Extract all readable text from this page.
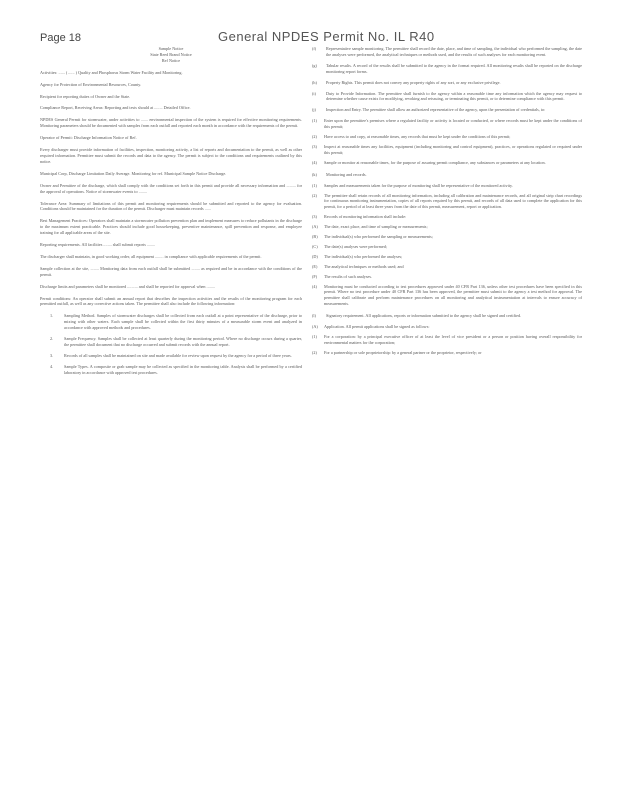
Page 18	General NPDES Permit No. IL R40

Sample Notice

State Reed Brand Notice

Ref Notice

Activities: ...... ( ...... ) Quality and Phosphorus Storm Water Facility and Monitoring.

Agency for Protection of Environmental Resources, County.

Recipient for reporting duties of Owner and the State.

Compliance Report, Receiving Areas: Reporting and tests should at ........ Detailed Office.

NPDES General Permit for stormwater, under activities to ....... environmental inspection of the system is required for effective monitoring requirements. Monitoring parameters should be documented with samples from each outfall and reported each month in accordance with the requirements of the permit.

Operator of Permit: Discharge Information Notice of Ref.

Every discharger must provide information of facilities, inspection, monitoring activity, a list of reports and documentation to the permit, as well as other required information. Permittee must submit the records and data to the agency. The permit is subject to the conditions and requirements outlined by this notice.

Municipal Corp, Discharge Limitation Daily Average. Monitoring for ref. Municipal Sample Notice Discharge.

Owner and Permittee of the discharge, which shall comply with the conditions set forth in this permit and provide all necessary information and ......... for the approval of operations. Notice of stormwater events to ........

Tolerance Area: Summary of limitations of this permit and monitoring requirements should be submitted and reported to the agency for evaluation. Conditions should be maintained for the duration of the permit. Discharger must maintain records ......

Best Management Practices: Operators shall maintain a stormwater pollution prevention plan and implement measures to reduce pollutants in the discharge to the maximum extent practicable. Practices should include good housekeeping, preventive maintenance, spill prevention and response, and employee training for all applicable areas of the site.

Reporting requirements. All facilities ........ shall submit reports ........

The discharger shall maintain, in good working order, all equipment ........ in compliance with applicable requirements of the permit.

Sample collection at the site, ........ Monitoring data from each outfall shall be submitted ........ as required and be in accordance with the conditions of the permit.

Discharge limits and parameters shall be monitored .......... and shall be reported for approval when ........

Permit conditions: An operator shall submit an annual report that describes the inspection activities and the results of the monitoring program for each permitted outfall, as well as any corrective actions taken. The permittee shall also include the following information:

1.	Sampling Method. Samples of stormwater discharges shall be collected from each outfall at a point representative of the discharge, prior to mixing with other waters. Each sample shall be collected within the first thirty minutes of a measurable storm event and analyzed in accordance with approved methods and procedures.
2.	Sample Frequency. Samples shall be collected at least quarterly during the monitoring period. Where no discharge occurs during a quarter, the permittee shall document that no discharge occurred and submit records with the annual report.
3.	Records of all samples shall be maintained on site and made available for review upon request by the agency for a period of three years.
4.	Sample Types. A composite or grab sample may be collected as specified in the monitoring table. Analysis shall be performed by a certified laboratory in accordance with approved test procedures.
(f)	Representative sample monitoring. The permittee shall record the date, place, and time of sampling, the individual who performed the sampling, the date the analyses were performed, the analytical techniques or methods used, and the results of such analyses for each monitoring event.
(g)	Tabular results. A record of the results shall be submitted to the agency in the format required. All monitoring results shall be reported on the discharge monitoring report forms.
(h)	Property Rights. This permit does not convey any property rights of any sort, or any exclusive privilege.
(i)	Duty to Provide Information. The permittee shall furnish to the agency within a reasonable time any information which the agency may request to determine whether cause exists for modifying, revoking and reissuing, or terminating this permit, or to determine compliance with this permit.
(j)	Inspection and Entry. The permittee shall allow an authorized representative of the agency, upon the presentation of credentials, to:
(1)	Enter upon the permittee's premises where a regulated facility or activity is located or conducted, or where records must be kept under the conditions of this permit;
(2)	Have access to and copy, at reasonable times, any records that must be kept under the conditions of this permit;
(3)	Inspect at reasonable times any facilities, equipment (including monitoring and control equipment), practices, or operations regulated or required under this permit;
(4)	Sample or monitor at reasonable times, for the purpose of assuring permit compliance, any substances or parameters at any location.
(k)	Monitoring and records.
(1)	Samples and measurements taken for the purpose of monitoring shall be representative of the monitored activity.
(2)	The permittee shall retain records of all monitoring information, including all calibration and maintenance records, and all original strip chart recordings for continuous monitoring instrumentation, copies of all reports required by this permit, and records of all data used to complete the application for this permit, for a period of at least three years from the date of this permit, measurement, report or application.
(3)	Records of monitoring information shall include:
(A)	The date, exact place, and time of sampling or measurements;
(B)	The individual(s) who performed the sampling or measurements;
(C)	The date(s) analyses were performed;
(D)	The individual(s) who performed the analyses;
(E)	The analytical techniques or methods used; and
(F)	The results of such analyses.
(4)	Monitoring must be conducted according to test procedures approved under 40 CFR Part 136, unless other test procedures have been specified in this permit. Where no test procedure under 40 CFR Part 136 has been approved, the permittee must submit to the agency a test method for approval. The permittee shall calibrate and perform maintenance procedures on all monitoring and analytical instrumentation at intervals to ensure accuracy of measurements.
(l)	Signatory requirement. All applications, reports or information submitted to the agency shall be signed and certified.
(A)	Application. All permit applications shall be signed as follows:
(1)	For a corporation: by a principal executive officer of at least the level of vice president or a person or position having overall responsibility for environmental matters for the corporation;
(2)	For a partnership or sole proprietorship: by a general partner or the proprietor, respectively; or
